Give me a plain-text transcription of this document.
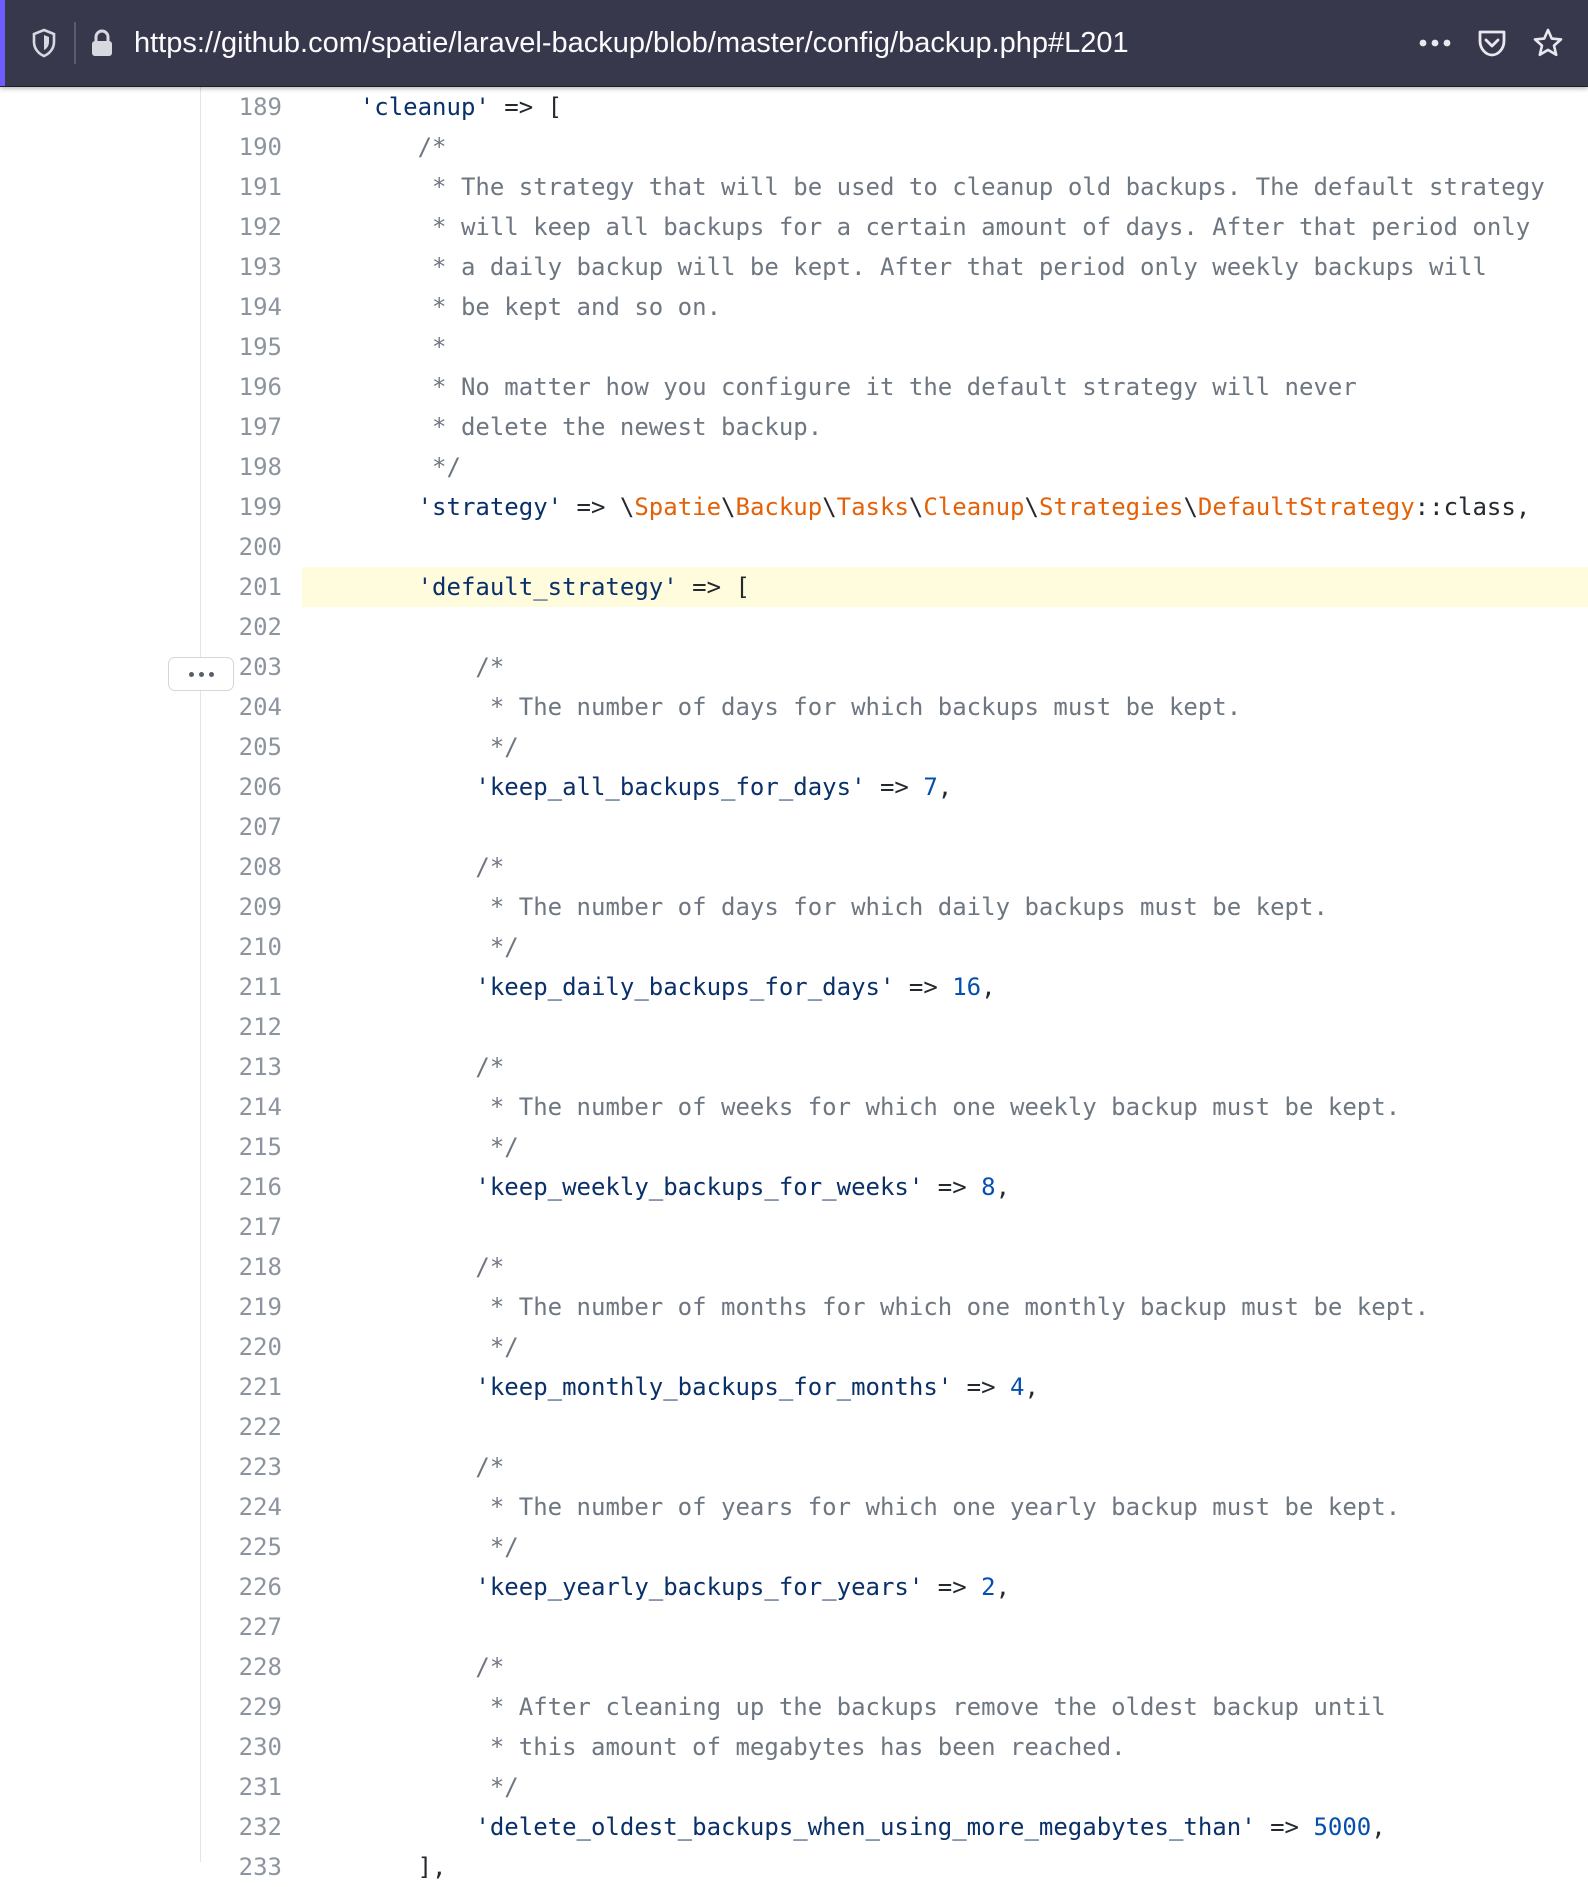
https://github.com/spatie/laravel-backup/blob/master/config/backup.php#L201
189	'cleanup' => [
190	/*
191	* The strategy that will be used to cleanup old backups. The default strategy
192	* will keep all backups for a certain amount of days. After that period only
193	* a daily backup will be kept. After that period only weekly backups will
194	* be kept and so on.
195	*
196	* No matter how you configure it the default strategy will never
197	* delete the newest backup.
198	*/
199	'strategy' => \Spatie\Backup\Tasks\Cleanup\Strategies\DefaultStrategy::class,
200
201	'default_strategy' => [
202
203	/*
204	* The number of days for which backups must be kept.
205	*/
206	'keep_all_backups_for_days' => 7,
207
208	/*
209	* The number of days for which daily backups must be kept.
210	*/
211	'keep_daily_backups_for_days' => 16,
212
213	/*
214	* The number of weeks for which one weekly backup must be kept.
215	*/
216	'keep_weekly_backups_for_weeks' => 8,
217
218	/*
219	* The number of months for which one monthly backup must be kept.
220	*/
221	'keep_monthly_backups_for_months' => 4,
222
223	/*
224	* The number of years for which one yearly backup must be kept.
225	*/
226	'keep_yearly_backups_for_years' => 2,
227
228	/*
229	* After cleaning up the backups remove the oldest backup until
230	* this amount of megabytes has been reached.
231	*/
232	'delete_oldest_backups_when_using_more_megabytes_than' => 5000,
233	],
